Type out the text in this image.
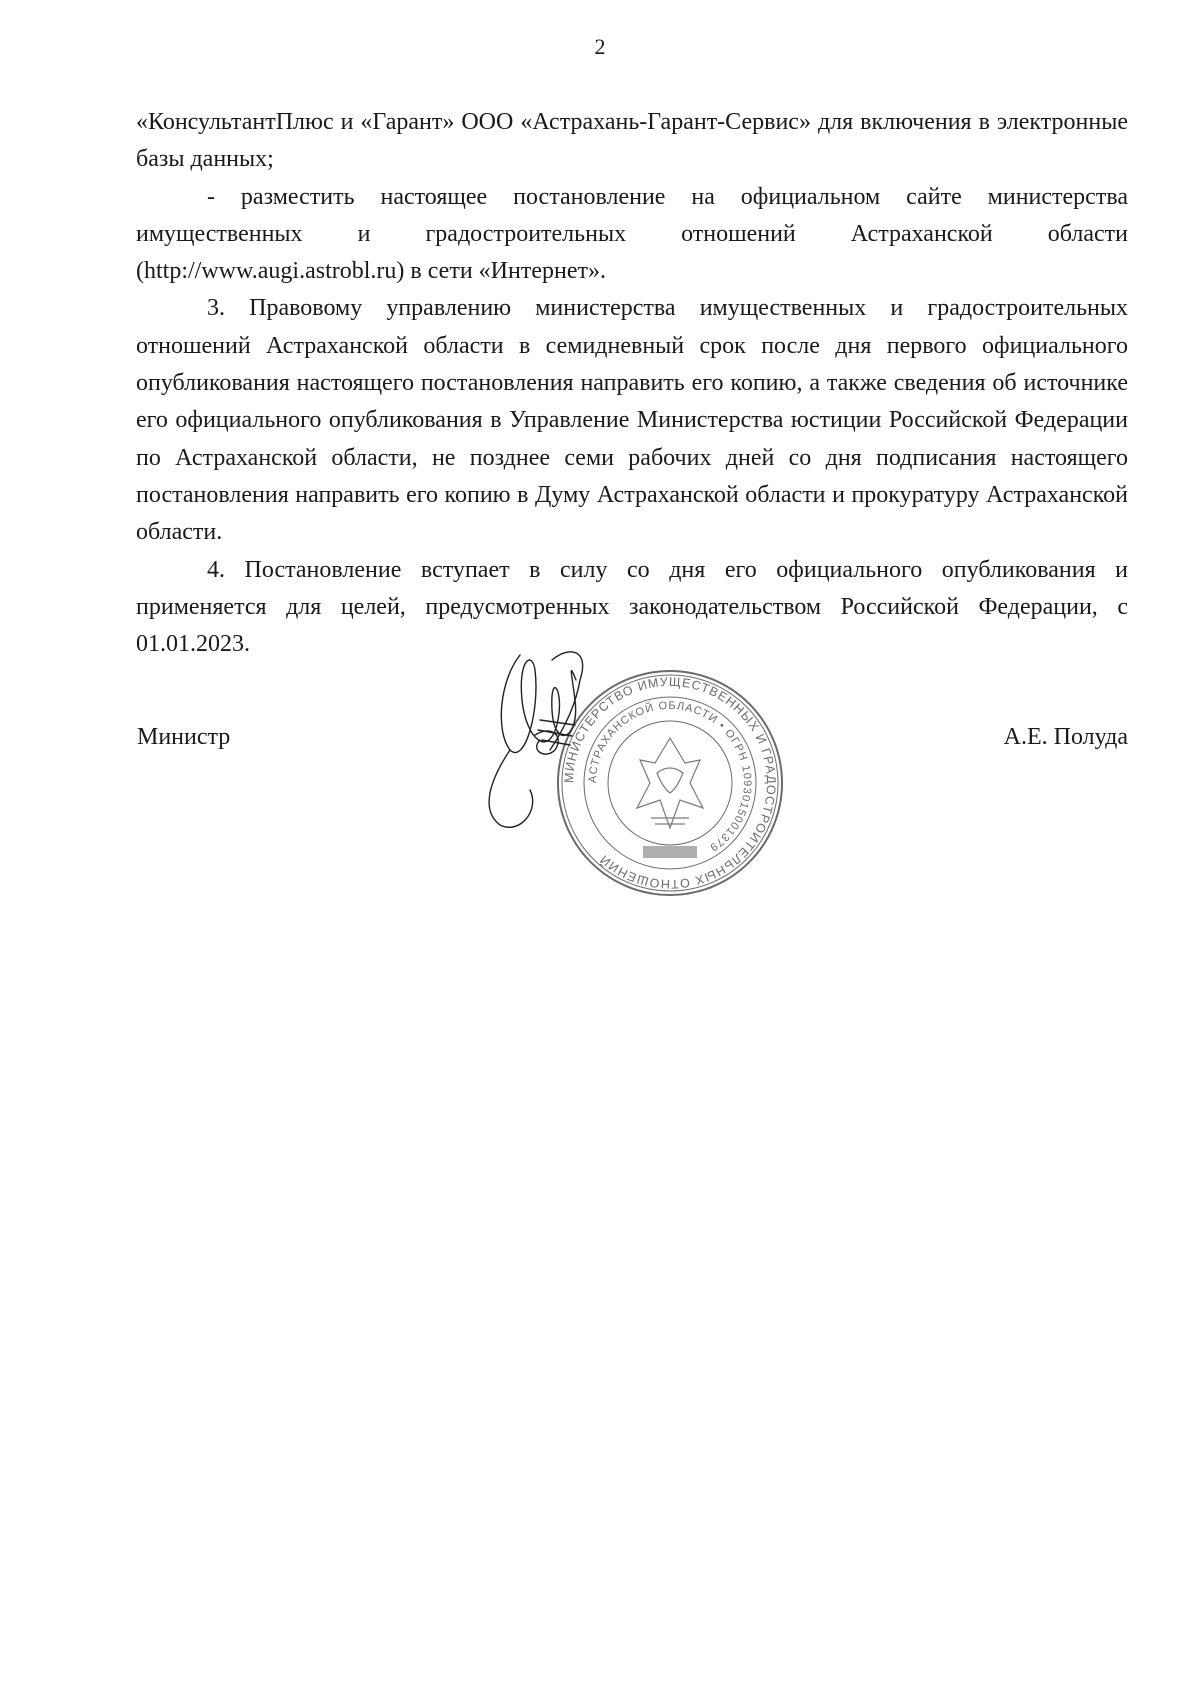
2

«КонсультантПлюс и «Гарант» ООО «Астрахань-Гарант-Сервис» для включения в электронные базы данных;

- разместить настоящее постановление на официальном сайте министерства имущественных и градостроительных отношений Астраханской области (http://www.augi.astrobl.ru) в сети «Интернет».

3. Правовому управлению министерства имущественных и градостроительных отношений Астраханской области в семидневный срок после дня первого официального опубликования настоящего постановления направить его копию, а также сведения об источнике его официального опубликования в Управление Министерства юстиции Российской Федерации по Астраханской области, не позднее семи рабочих дней со дня подписания настоящего постановления направить его копию в Думу Астраханской области и прокуратуру Астраханской области.

4. Постановление вступает в силу со дня его официального опубликования и применяется для целей, предусмотренных законодательством Российской Федерации, с 01.01.2023.

Министр	А.Е. Полуда
МИНИСТЕРСТВО ИМУЩЕСТВЕННЫХ И ГРАДОСТРОИТЕЛЬНЫХ ОТНОШЕНИЙ
АСТРАХАНСКОЙ ОБЛАСТИ • ОГРН 1093015001379
